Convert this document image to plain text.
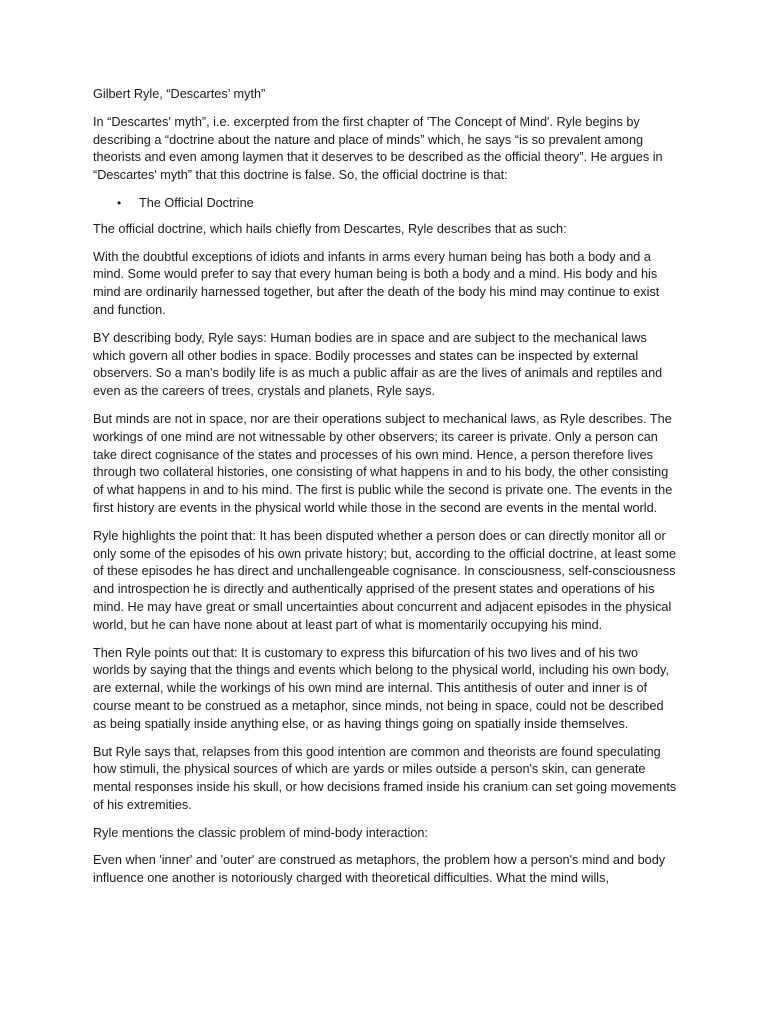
Gilbert Ryle, “Descartes’ myth”

In “Descartes' myth”, i.e. excerpted from the first chapter of 'The Concept of Mind'. Ryle begins by describing a “doctrine about the nature and place of minds” which, he says “is so prevalent among theorists and even among laymen that it deserves to be described as the official theory”. He argues in “Descartes' myth” that this doctrine is false. So, the official doctrine is that:

• The Official Doctrine

The official doctrine, which hails chiefly from Descartes, Ryle describes that as such:

With the doubtful exceptions of idiots and infants in arms every human being has both a body and a mind. Some would prefer to say that every human being is both a body and a mind. His body and his mind are ordinarily harnessed together, but after the death of the body his mind may continue to exist and function.

BY describing body, Ryle says: Human bodies are in space and are subject to the mechanical laws which govern all other bodies in space. Bodily processes and states can be inspected by external observers. So a man's bodily life is as much a public affair as are the lives of animals and reptiles and even as the careers of trees, crystals and planets, Ryle says.

But minds are not in space, nor are their operations subject to mechanical laws, as Ryle describes. The workings of one mind are not witnessable by other observers; its career is private. Only a person can take direct cognisance of the states and processes of his own mind. Hence, a person therefore lives through two collateral histories, one consisting of what happens in and to his body, the other consisting of what happens in and to his mind. The first is public while the second is private one. The events in the first history are events in the physical world while those in the second are events in the mental world.

Ryle highlights the point that: It has been disputed whether a person does or can directly monitor all or only some of the episodes of his own private history; but, according to the official doctrine, at least some of these episodes he has direct and unchallengeable cognisance. In consciousness, self-consciousness and introspection he is directly and authentically apprised of the present states and operations of his mind. He may have great or small uncertainties about concurrent and adjacent episodes in the physical world, but he can have none about at least part of what is momentarily occupying his mind.

Then Ryle points out that: It is customary to express this bifurcation of his two lives and of his two worlds by saying that the things and events which belong to the physical world, including his own body, are external, while the workings of his own mind are internal. This antithesis of outer and inner is of course meant to be construed as a metaphor, since minds, not being in space, could not be described as being spatially inside anything else, or as having things going on spatially inside themselves.

But Ryle says that, relapses from this good intention are common and theorists are found speculating how stimuli, the physical sources of which are yards or miles outside a person's skin, can generate mental responses inside his skull, or how decisions framed inside his cranium can set going movements of his extremities.

Ryle mentions the classic problem of mind-body interaction:

Even when 'inner' and 'outer' are construed as metaphors, the problem how a person's mind and body influence one another is notoriously charged with theoretical difficulties. What the mind wills,
